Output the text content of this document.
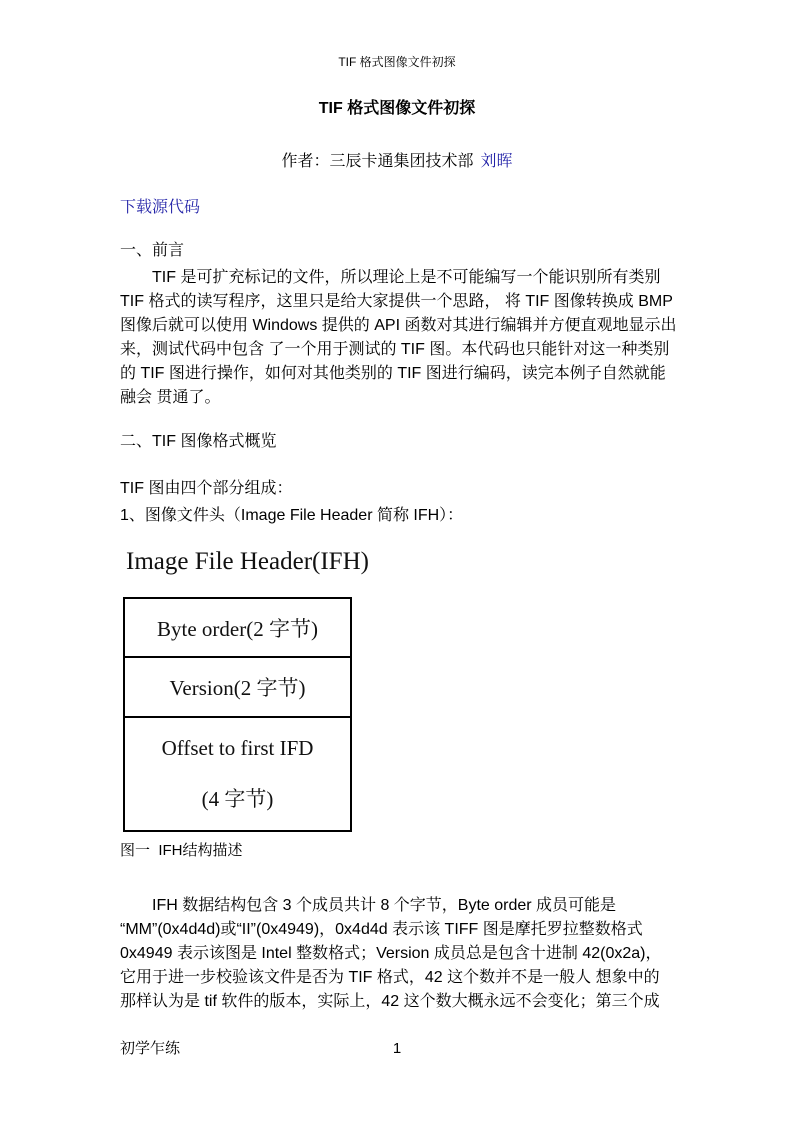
TIF 格式图像文件初探
TIF 格式图像文件初探
作者：三辰卡通集团技术部 刘晖
下载源代码
一、前言
TIF 是可扩充标记的文件，所以理论上是不可能编写一个能识别所有类别
TIF 格式的读写程序，这里只是给大家提供一个思路， 将 TIF 图像转换成 BMP
图像后就可以使用 Windows 提供的 API 函数对其进行编辑并方便直观地显示出
来，测试代码中包含 了一个用于测试的 TIF 图。本代码也只能针对这一种类别
的 TIF 图进行操作，如何对其他类别的 TIF 图进行编码，读完本例子自然就能
融会 贯通了。
二、TIF 图像格式概览
TIF 图由四个部分组成：
1、图像文件头（Image File Header 简称 IFH）：
Image File Header(IFH)
Byte order(2 字节)
Version(2 字节)
Offset to first IFD
(4 字节)
图一  IFH结构描述
IFH 数据结构包含 3 个成员共计 8 个字节，Byte order 成员可能是
“MM”(0x4d4d)或“II”(0x4949)，0x4d4d 表示该 TIFF 图是摩托罗拉整数格式
0x4949 表示该图是 Intel 整数格式；Version 成员总是包含十进制 42(0x2a)，
它用于进一步校验该文件是否为 TIF 格式，42 这个数并不是一般人 想象中的
那样认为是 tif 软件的版本，实际上，42 这个数大概永远不会变化；第三个成
初学乍练	1
